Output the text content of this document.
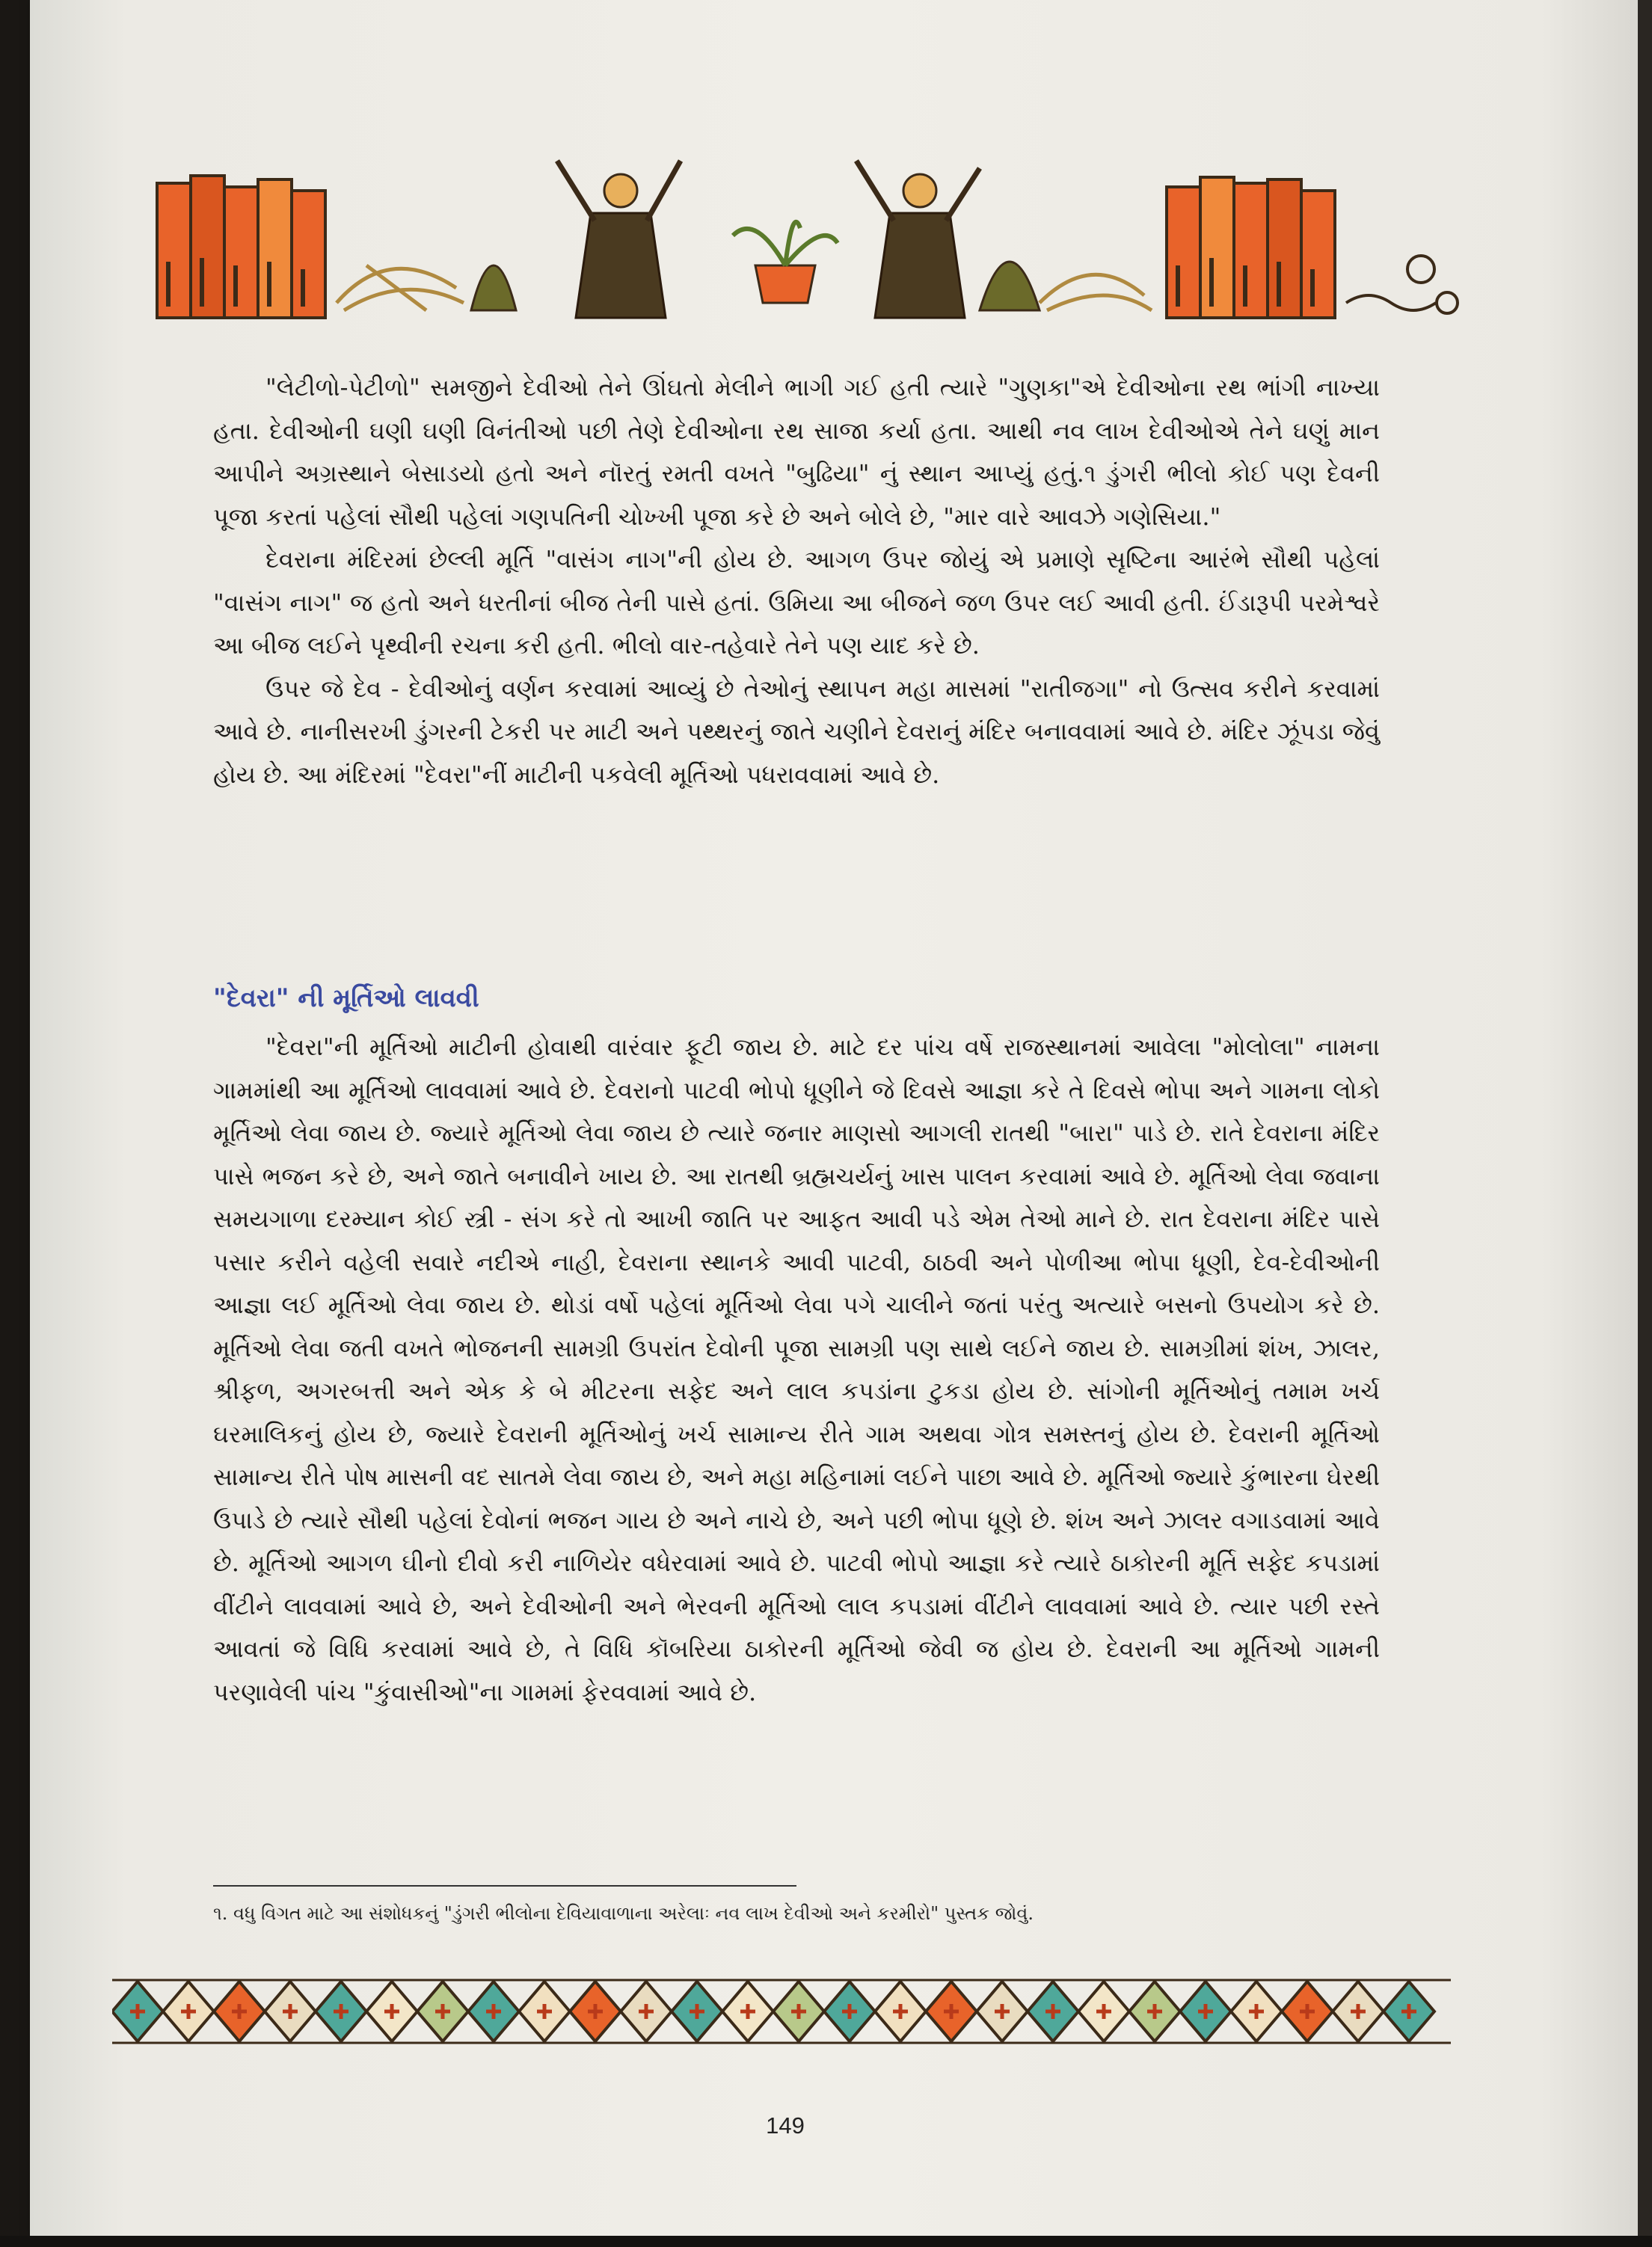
"લેટીળો-પેટીળો" સમજીને દેવીઓ તેને ઊંઘતો મેલીને ભાગી ગઈ હતી ત્યારે "ગુણકા"એ દેવીઓના રથ ભાંગી નાખ્યા હતા. દેવીઓની ઘણી ઘણી વિનંતીઓ પછી તેણે દેવીઓના રથ સાજા કર્યા હતા. આથી નવ લાખ દેવીઓએ તેને ઘણું માન આપીને અગ્રસ્થાને બેસાડયો હતો અને નૉરતું રમતી વખતે "બુઢિયા" નું સ્થાન આપ્યું હતું.૧ ડુંગરી ભીલો કોઈ પણ દેવની પૂજા કરતાં પહેલાં સૌથી પહેલાં ગણપતિની ચોખ્ખી પૂજા કરે છે અને બોલે છે, "માર વારે આવઝે ગણેસિયા."

દેવરાના મંદિરમાં છેલ્લી મૂર્તિ "વાસંગ નાગ"ની હોય છે. આગળ ઉપર જોયું એ પ્રમાણે સૃષ્ટિના આરંભે સૌથી પહેલાં "વાસંગ નાગ" જ હતો અને ધરતીનાં બીજ તેની પાસે હતાં. ઉમિયા આ બીજને જળ ઉપર લઈ આવી હતી. ઈંડારૂપી પરમેશ્વરે આ બીજ લઈને પૃથ્વીની રચના કરી હતી. ભીલો વાર-તહેવારે તેને પણ યાદ કરે છે.

ઉપર જે દેવ - દેવીઓનું વર્ણન કરવામાં આવ્યું છે તેઓનું સ્થાપન મહા માસમાં "રાતીજગા" નો ઉત્સવ કરીને કરવામાં આવે છે. નાનીસરખી ડુંગરની ટેકરી પર માટી અને પથ્થરનું જાતે ચણીને દેવરાનું મંદિર બનાવવામાં આવે છે. મંદિર ઝૂંપડા જેવું હોય છે. આ મંદિરમાં "દેવરા"નીં માટીની પકવેલી મૂર્તિઓ પધરાવવામાં આવે છે.

"દેવરા" ની મૂર્તિઓ લાવવી

"દેવરા"ની મૂર્તિઓ માટીની હોવાથી વારંવાર ફૂટી જાય છે. માટે દર પાંચ વર્ષે રાજસ્થાનમાં આવેલા "મોલોલા" નામના ગામમાંથી આ મૂર્તિઓ લાવવામાં આવે છે. દેવરાનો પાટવી ભોપો ધૂણીને જે દિવસે આજ્ઞા કરે તે દિવસે ભોપા અને ગામના લોકો મૂર્તિઓ લેવા જાય છે. જ્યારે મૂર્તિઓ લેવા જાય છે ત્યારે જનાર માણસો આગલી રાતથી "બારા" પાડે છે. રાતે દેવરાના મંદિર પાસે ભજન કરે છે, અને જાતે બનાવીને ખાય છે. આ રાતથી બ્રહ્મચર્યનું ખાસ પાલન કરવામાં આવે છે. મૂર્તિઓ લેવા જવાના સમયગાળા દરમ્યાન કોઈ સ્ત્રી - સંગ કરે તો આખી જાતિ પર આફત આવી પડે એમ તેઓ માને છે. રાત દેવરાના મંદિર પાસે પસાર કરીને વહેલી સવારે નદીએ નાહી, દેવરાના સ્થાનકે આવી પાટવી, ઠાઠવી અને પોળીઆ ભોપા ધૂણી, દેવ-દેવીઓની આજ્ઞા લઈ મૂર્તિઓ લેવા જાય છે. થોડાં વર્ષો પહેલાં મૂર્તિઓ લેવા પગે ચાલીને જતાં પરંતુ અત્યારે બસનો ઉપયોગ કરે છે. મૂર્તિઓ લેવા જતી વખતે ભોજનની સામગ્રી ઉપરાંત દેવોની પૂજા સામગ્રી પણ સાથે લઈને જાય છે. સામગ્રીમાં શંખ, ઝાલર, શ્રીફળ, અગરબત્તી અને એક કે બે મીટરના સફેદ અને લાલ કપડાંના ટુકડા હોય છે. સાંગોની મૂર્તિઓનું તમામ ખર્ચ ઘરમાલિકનું હોય છે, જ્યારે દેવરાની મૂર્તિઓનું ખર્ચ સામાન્ય રીતે ગામ અથવા ગોત્ર સમસ્તનું હોય છે. દેવરાની મૂર્તિઓ સામાન્ય રીતે પોષ માસની વદ સાતમે લેવા જાય છે, અને મહા મહિનામાં લઈને પાછા આવે છે. મૂર્તિઓ જ્યારે કુંભારના ઘેરથી ઉપાડે છે ત્યારે સૌથી પહેલાં દેવોનાં ભજન ગાય છે અને નાચે છે, અને પછી ભોપા ધૂણે છે. શંખ અને ઝાલર વગાડવામાં આવે છે. મૂર્તિઓ આગળ ઘીનો દીવો કરી નાળિયેર વધેરવામાં આવે છે. પાટવી ભોપો આજ્ઞા કરે ત્યારે ઠાકોરની મૂર્તિ સફેદ કપડામાં વીંટીને લાવવામાં આવે છે, અને દેવીઓની અને ભેરવની મૂર્તિઓ લાલ કપડામાં વીંટીને લાવવામાં આવે છે. ત્યાર પછી રસ્તે આવતાં જે વિધિ કરવામાં આવે છે, તે વિધિ કૉબરિયા ઠાકોરની મૂર્તિઓ જેવી જ હોય છે. દેવરાની આ મૂર્તિઓ ગામની પરણાવેલી પાંચ "કુંવાસીઓ"ના ગામમાં ફેરવવામાં આવે છે.

૧. વધુ વિગત માટે આ સંશોધકનું "ડુંગરી ભીલોના દેવિયાવાળાના અરેલાઃ નવ લાખ દેવીઓ અને કરમીરો" પુસ્તક જોવું.

149
